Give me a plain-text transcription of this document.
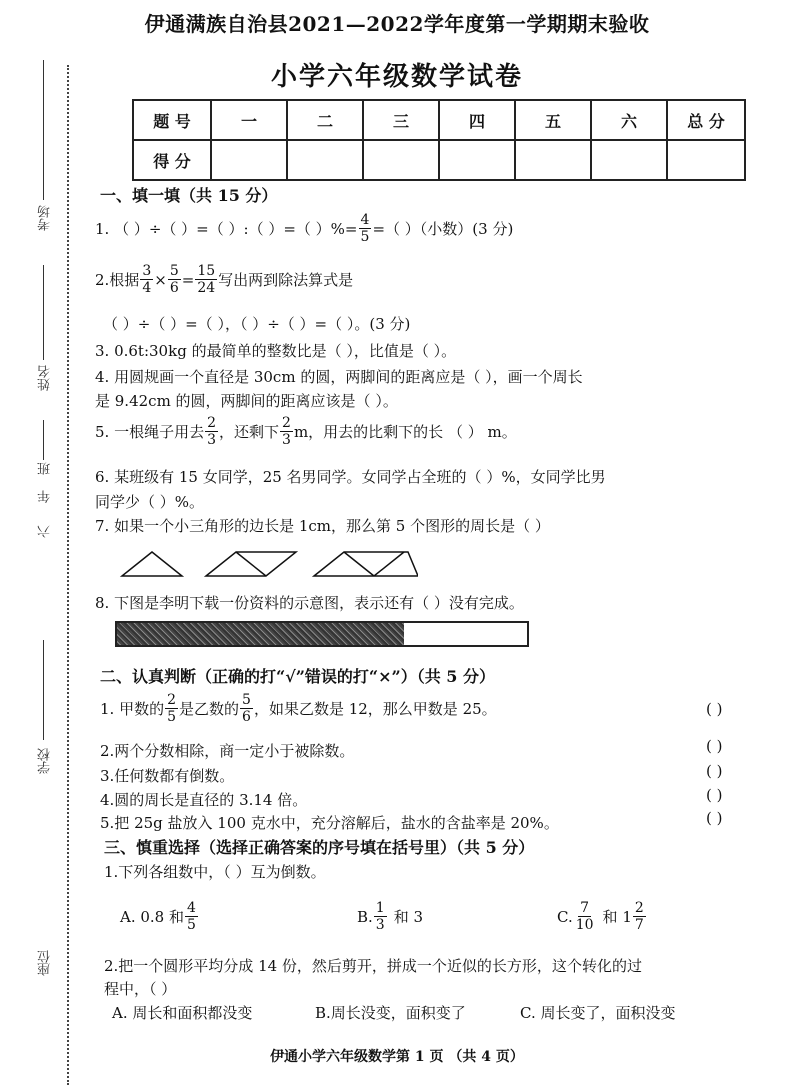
考场
姓名
班
年
六
学校
座位
伊通满族自治县2021—2022学年度第一学期期末验收
小学六年级数学试卷
题 号	一	二	三	四	五	六	总 分
得 分							
一、填一填（共 15 分）
1. （ ）÷（ ）=（ ）:（ ）=（ ）%= $\frac{4}{5}$ =（ ）（小数）(3 分)
2.根据 $\frac{3}{4} \times \frac{5}{6} = \frac{15}{24}$ 写出两到除法算式是
（ ）÷（ ）=（ ），（ ）÷（ ）=（ ）。(3 分)
3. 0.6t:30kg 的最简单的整数比是（ ），比值是（ ）。
4. 用圆规画一个直径是 30cm 的圆，两脚间的距离应是（ ），画一个周长
是 9.42cm 的圆，两脚间的距离应该是（ ）。
5. 一根绳子用去 $\frac{2}{3}$ ，还剩下 $\frac{2}{3}$ m，用去的比剩下的长 （ ） m。
6. 某班级有 15 女同学，25 名男同学。女同学占全班的（ ）%，女同学比男
同学少（ ）%。
7. 如果一个小三角形的边长是 1cm，那么第 5 个图形的周长是（ ）
8. 下图是李明下载一份资料的示意图，表示还有（ ）没有完成。
二、认真判断（正确的打“√”错误的打“×”）（共 5 分）
1. 甲数的 $\frac{2}{5}$ 是乙数的 $\frac{5}{6}$ ，如果乙数是 12，那么甲数是 25。	( )
2.两个分数相除，商一定小于被除数。	( )
3.任何数都有倒数。	( )
4.圆的周长是直径的 3.14 倍。	( )
5.把 25g 盐放入 100 克水中，充分溶解后，盐水的含盐率是 20%。	( )
三、慎重选择（选择正确答案的序号填在括号里）（共 5 分）
1.下列各组数中，（ ）互为倒数。
A. 0.8 和 $\frac{4}{5}$	B. $\frac{1}{3}$ 和 3	C. $\frac{7}{10}$ 和 $1 \frac{2}{7}$
2.把一个圆形平均分成 14 份，然后剪开，拼成一个近似的长方形，这个转化的过
程中，（ ）
A. 周长和面积都没变	B.周长没变，面积变了	C. 周长变了，面积没变
伊通小学六年级数学第 1 页 （共 4 页）
